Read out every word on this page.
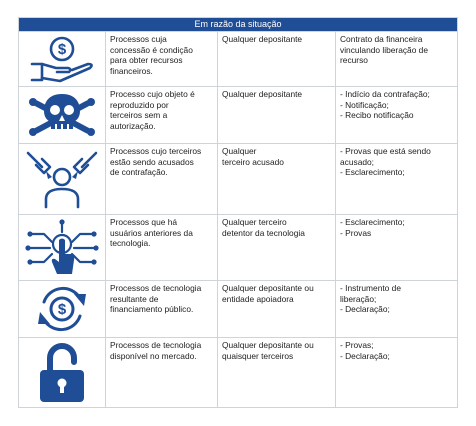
Em razão da situação
$
Processos cuja
concessão é condição
para obter recursos
financeiros.
Qualquer depositante	Contrato da financeira
vinculando liberação de
recurso
Processo cujo objeto é
reproduzido por
terceiros sem a
autorização.
Qualquer depositante	- Indício da contrafação;
- Notificação;
- Recibo notificação
Processos cujo terceiros
estão sendo acusados
de contrafação.
Qualquer
terceiro acusado
- Provas que está sendo
acusado;
- Esclarecimento;
Processos que há
usuários anteriores da
tecnologia.
Qualquer terceiro
detentor da tecnologia
- Esclarecimento;
- Provas
$
Processos de tecnologia
resultante de
financiamento público.
Qualquer depositante ou
entidade apoiadora
- Instrumento de
liberação;
- Declaração;
Processos de tecnologia
disponível no mercado.
Qualquer depositante ou
quaisquer terceiros
- Provas;
- Declaração;
